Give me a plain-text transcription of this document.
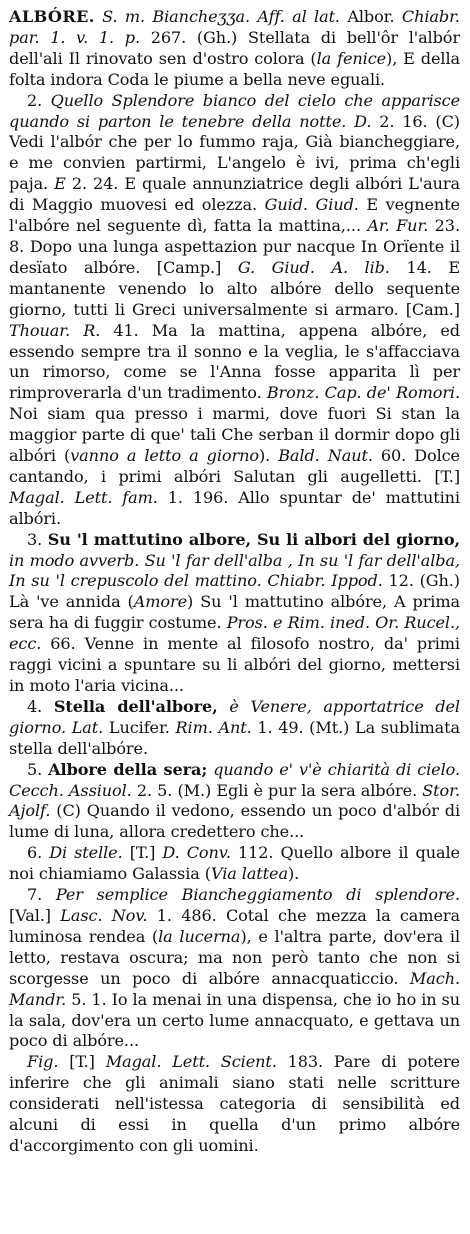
ALBÓRE. S. m. Biancheʒʒa. Aff. al lat. Albor. Chiabr. par. 1. v. 1. p. 267. (Gh.) Stellata di bell'ôr l'albór dell'ali Il rinovato sen d'ostro colora (la fenice), E della folta indora Coda le piume a bella neve eguali.

2. Quello Splendore bianco del cielo che apparisce quando si parton le tenebre della notte. D. 2. 16. (C) Vedi l'albór che per lo fummo raja, Già biancheggiare, e me convien partirmi, L'angelo è ivi, prima ch'egli paja. E 2. 24. E quale annunziatrice degli albóri L'aura di Maggio muovesi ed olezza. Guid. Giud. E vegnente l'albóre nel seguente dì, fatta la mattina,... Ar. Fur. 23. 8. Dopo una lunga aspettazion pur nacque In Orïente il desïato albóre. [Camp.] G. Giud. A. lib. 14. E mantanente venendo lo alto albóre dello sequente giorno, tutti li Greci universalmente si armaro. [Cam.] Thouar. R. 41. Ma la mattina, appena albóre, ed essendo sempre tra il sonno e la veglia, le s'affacciava un rimorso, come se l'Anna fosse apparita lì per rimproverarla d'un tradimento. Bronz. Cap. de' Romori. Noi siam qua presso i marmi, dove fuori Si stan la maggior parte di que' tali Che serban il dormir dopo gli albóri (vanno a letto a giorno). Bald. Naut. 60. Dolce cantando, i primi albóri Salutan gli augelletti. [T.] Magal. Lett. fam. 1. 196. Allo spuntar de' mattutini albóri.

3. Su 'l mattutino albore, Su li albori del giorno, in modo avverb. Su 'l far dell'alba , In su 'l far dell'alba, In su 'l crepuscolo del mattino. Chiabr. Ippod. 12. (Gh.) Là 've annida (Amore) Su 'l mattutino albóre, A prima sera ha di fuggir costume. Pros. e Rim. ined. Or. Rucel., ecc. 66. Venne in mente al filosofo nostro, da' primi raggi vicini a spuntare su li albóri del giorno, mettersi in moto l'aria vicina...

4. Stella dell'albore, è Venere, apportatrice del giorno. Lat. Lucifer. Rim. Ant. 1. 49. (Mt.) La sublimata stella dell'albóre.

5. Albore della sera; quando e' v'è chiarità di cielo. Cecch. Assiuol. 2. 5. (M.) Egli è pur la sera albóre. Stor. Ajolf. (C) Quando il vedono, essendo un poco d'albór di lume di luna, allora credettero che...

6. Di stelle. [T.] D. Conv. 112. Quello albore il quale noi chiamiamo Galassia (Via lattea).

7. Per semplice Biancheggiamento di splendore. [Val.] Lasc. Nov. 1. 486. Cotal che mezza la camera luminosa rendea (la lucerna), e l'altra parte, dov'era il letto, restava oscura; ma non però tanto che non si scorgesse un poco di albóre annacquaticcio. Mach. Mandr. 5. 1. Io la menai in una dispensa, che io ho in su la sala, dov'era un certo lume annacquato, e gettava un poco di albóre...

Fig. [T.] Magal. Lett. Scient. 183. Pare di potere inferire che gli animali siano stati nelle scritture considerati nell'istessa categoria di sensibilità ed alcuni di essi in quella d'un primo albóre d'accorgimento con gli uomini.
